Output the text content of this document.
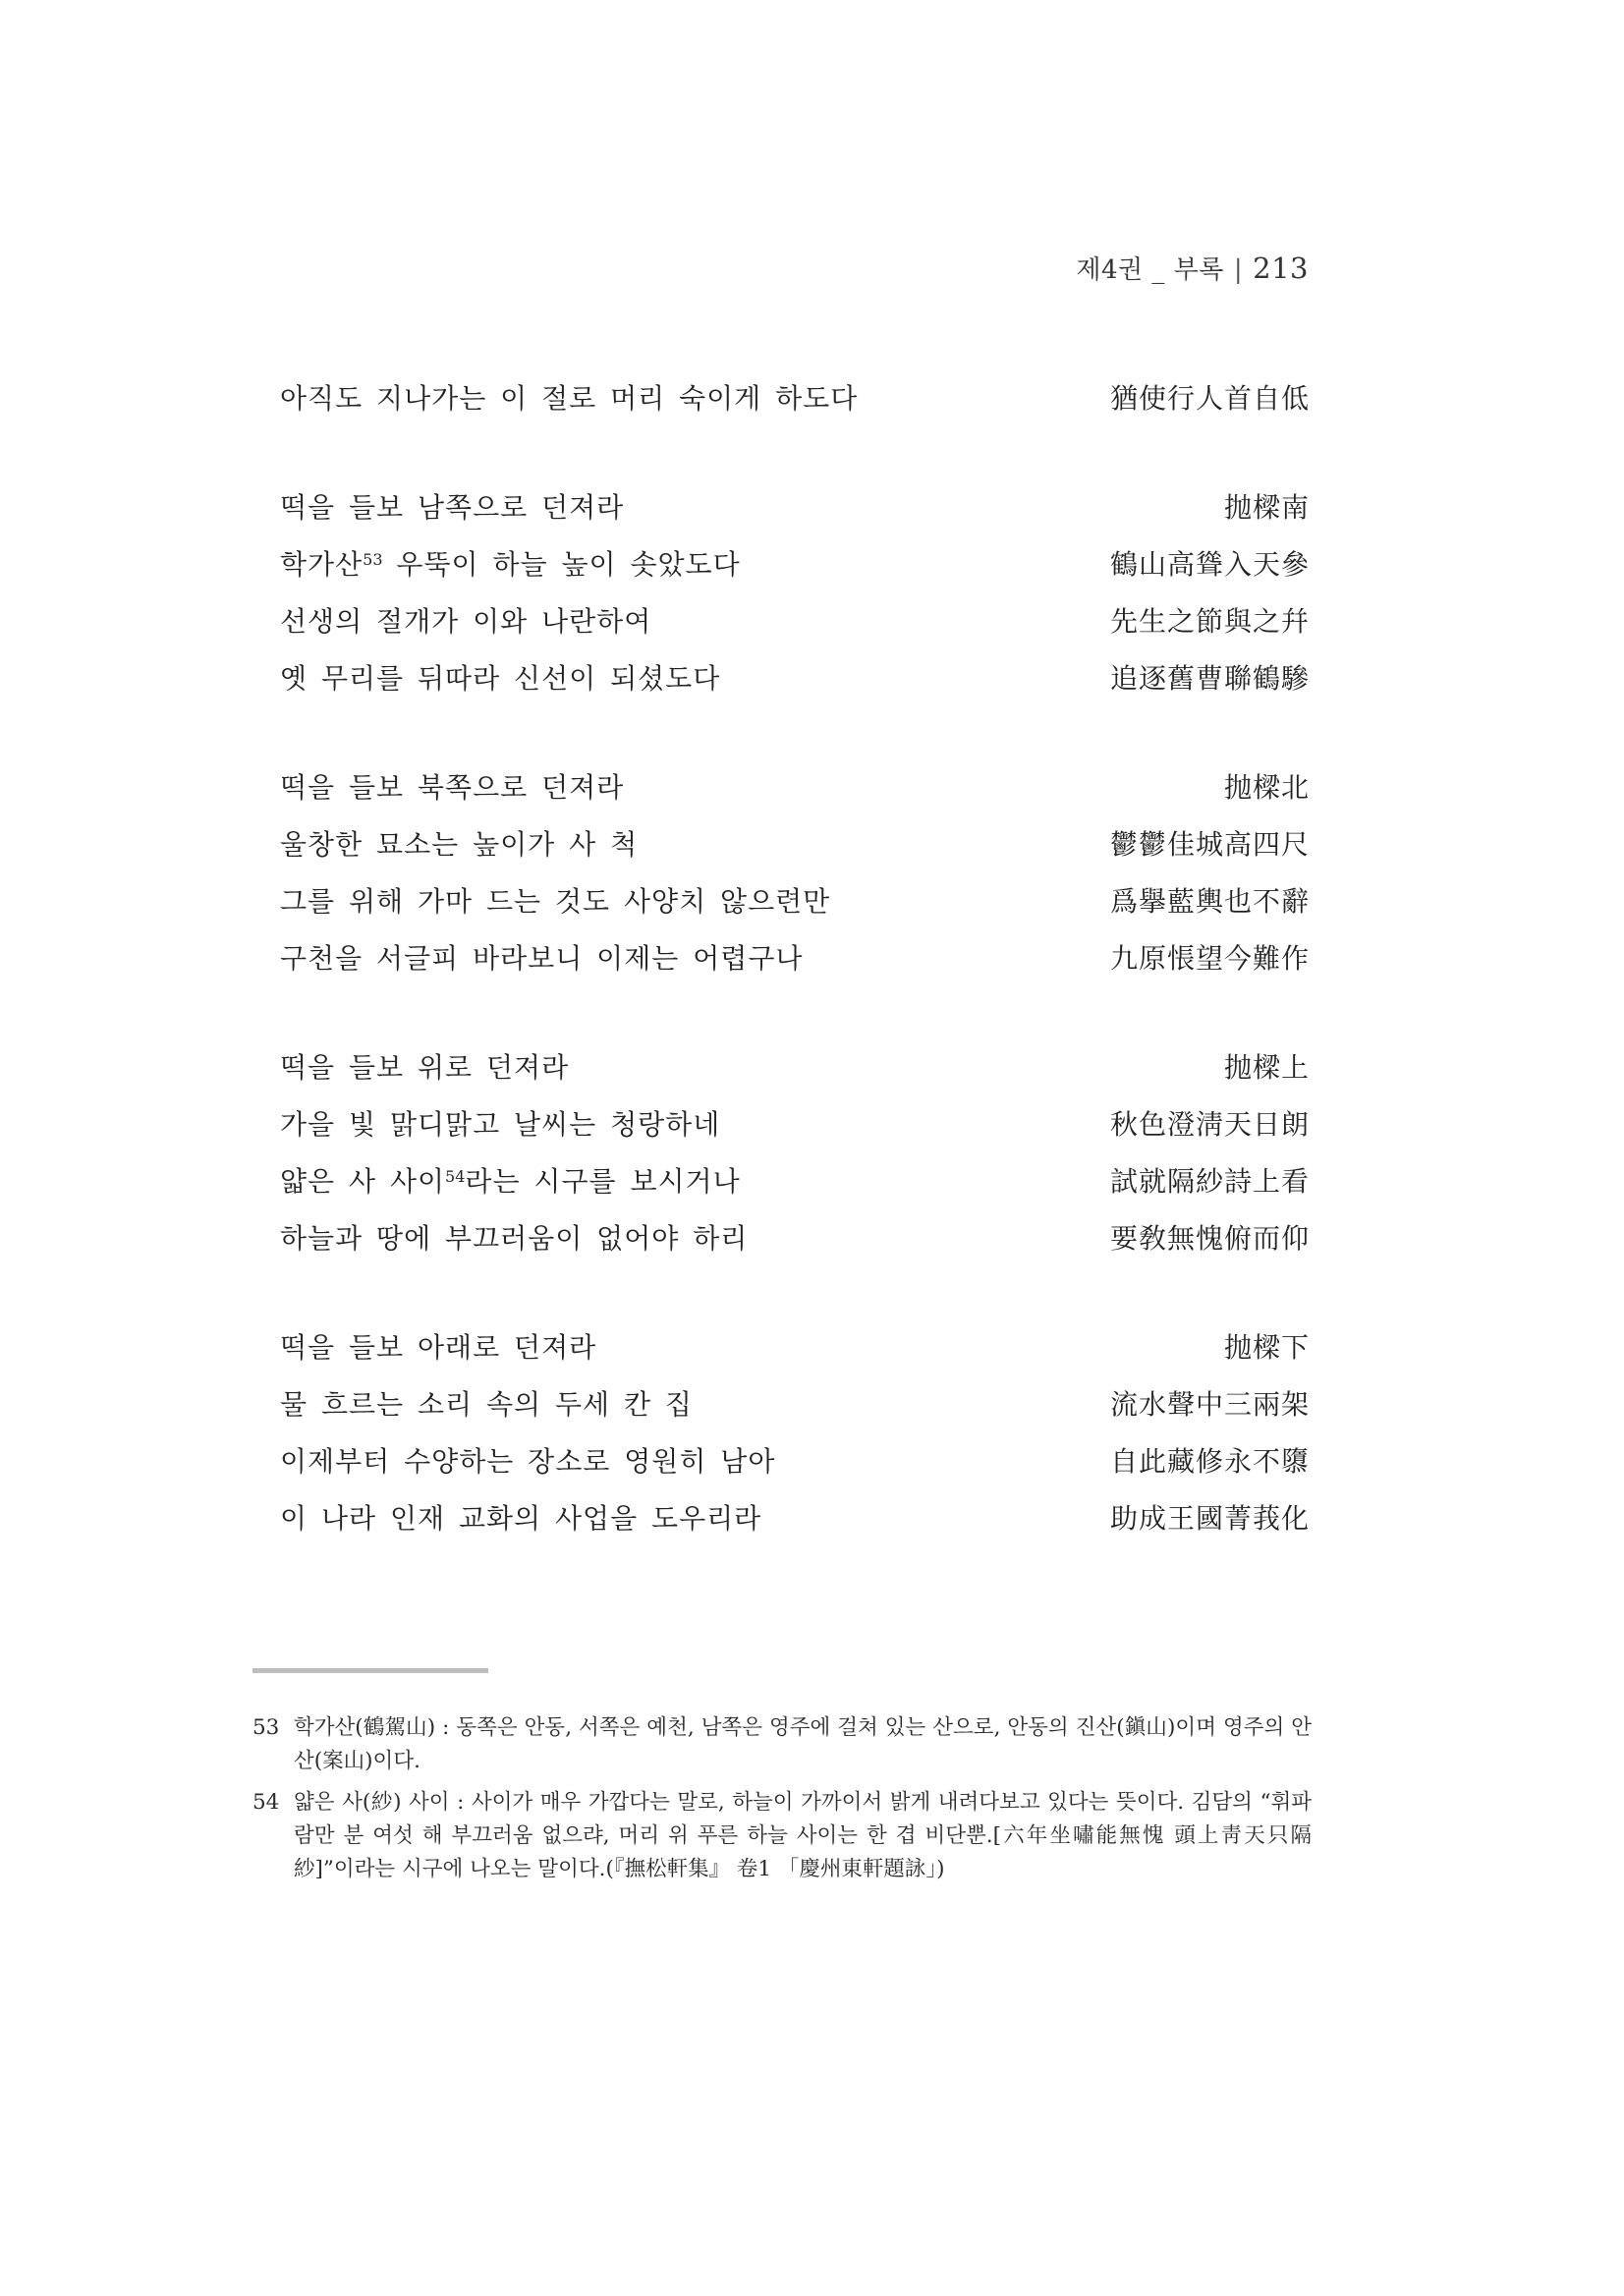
제4권 _ 부록 | 213
아직도 지나가는 이 절로 머리 숙이게 하도다	猶使行人首自低
떡을 들보 남쪽으로 던져라	抛樑南
학가산$^{53}$ 우뚝이 하늘 높이 솟았도다	鶴山高聳入天參
선생의 절개가 이와 나란하여	先生之節與之幷
옛 무리를 뒤따라 신선이 되셨도다	追逐舊曹聯鶴驂
떡을 들보 북쪽으로 던져라	抛樑北
울창한 묘소는 높이가 사 척	鬱鬱佳城高四尺
그를 위해 가마 드는 것도 사양치 않으련만	爲擧藍輿也不辭
구천을 서글피 바라보니 이제는 어렵구나	九原悵望今難作
떡을 들보 위로 던져라	抛樑上
가을 빛 맑디맑고 날씨는 청랑하네	秋色澄淸天日朗
얇은 사 사이$^{54}$라는 시구를 보시거나	試就隔紗詩上看
하늘과 땅에 부끄러움이 없어야 하리	要敎無愧俯而仰
떡을 들보 아래로 던져라	抛樑下
물 흐르는 소리 속의 두세 칸 집	流水聲中三兩架
이제부터 수양하는 장소로 영원히 남아	自此藏修永不隳
이 나라 인재 교화의 사업을 도우리라	助成王國菁莪化
53 학가산(鶴駕山) : 동쪽은 안동, 서쪽은 예천, 남쪽은 영주에 걸쳐 있는 산으로, 안동의 진산(鎭山)이며 영주의 안산(案山)이다.
54 얇은 사(紗) 사이 : 사이가 매우 가깝다는 말로, 하늘이 가까이서 밝게 내려다보고 있다는 뜻이다. 김담의 “휘파람만 분 여섯 해 부끄러움 없으랴, 머리 위 푸른 하늘 사이는 한 겹 비단뿐.[六年坐嘯能無愧 頭上靑天只隔紗]”이라는 시구에 나오는 말이다.(『撫松軒集』 卷1 「慶州東軒題詠」)
